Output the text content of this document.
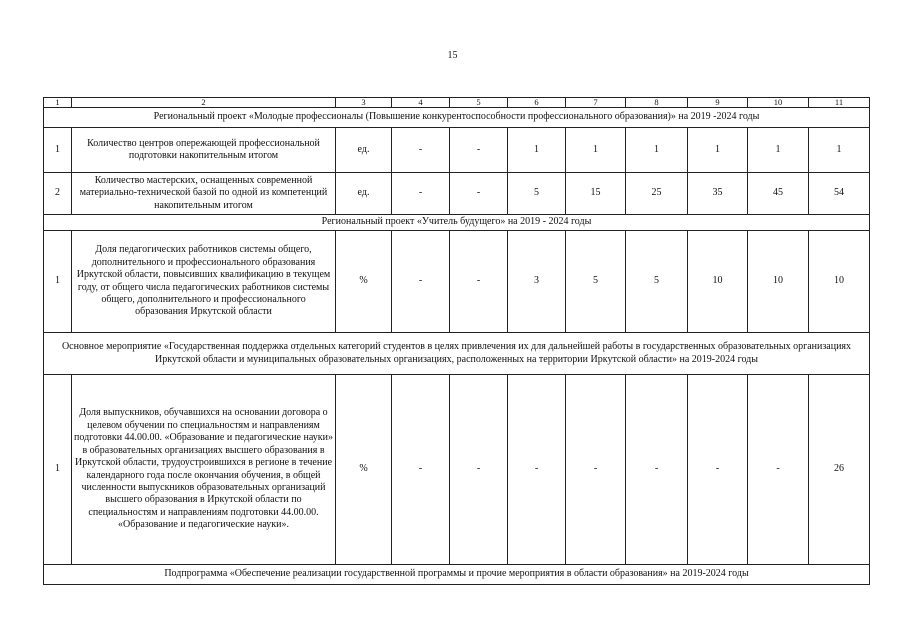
15
1	2	3	4	5	6	7	8	9	10	11
Региональный проект «Молодые профессионалы (Повышение конкурентоспособности профессионального образования)» на 2019 -2024 годы										
1	Количество центров опережающей профессиональной подготовки накопительным итогом	ед.	-	-	1	1	1	1	1	1
2	Количество мастерских, оснащенных современной материально-технической базой по одной из компетенций накопительным итогом	ед.	-	-	5	15	25	35	45	54
Региональный проект «Учитель будущего» на 2019 - 2024 годы										
1	Доля педагогических работников системы общего, дополнительного и профессионального образования Иркутской области, повысивших квалификацию в текущем году, от общего числа педагогических работников системы общего, дополнительного и профессионального образования Иркутской области	%	-	-	3	5	5	10	10	10
Основное мероприятие «Государственная поддержка отдельных категорий студентов в целях привлечения их для дальнейшей работы в государственных образовательных организациях Иркутской области и муниципальных образовательных организациях, расположенных на территории Иркутской области» на 2019-2024 годы										
1	Доля выпускников, обучавшихся на основании договора о целевом обучении по специальностям и направлениям подготовки 44.00.00. «Образование и педагогические науки» в образовательных организациях высшего образования в Иркутской области, трудоустроившихся в регионе в течение календарного года после окончания обучения, в общей численности выпускников образовательных организаций высшего образования в Иркутской области по специальностям и направлениям подготовки 44.00.00. «Образование и педагогические науки».	%	-	-	-	-	-	-	-	26
Подпрограмма «Обеспечение реализации государственной программы и прочие мероприятия в области образования» на 2019-2024 годы										
